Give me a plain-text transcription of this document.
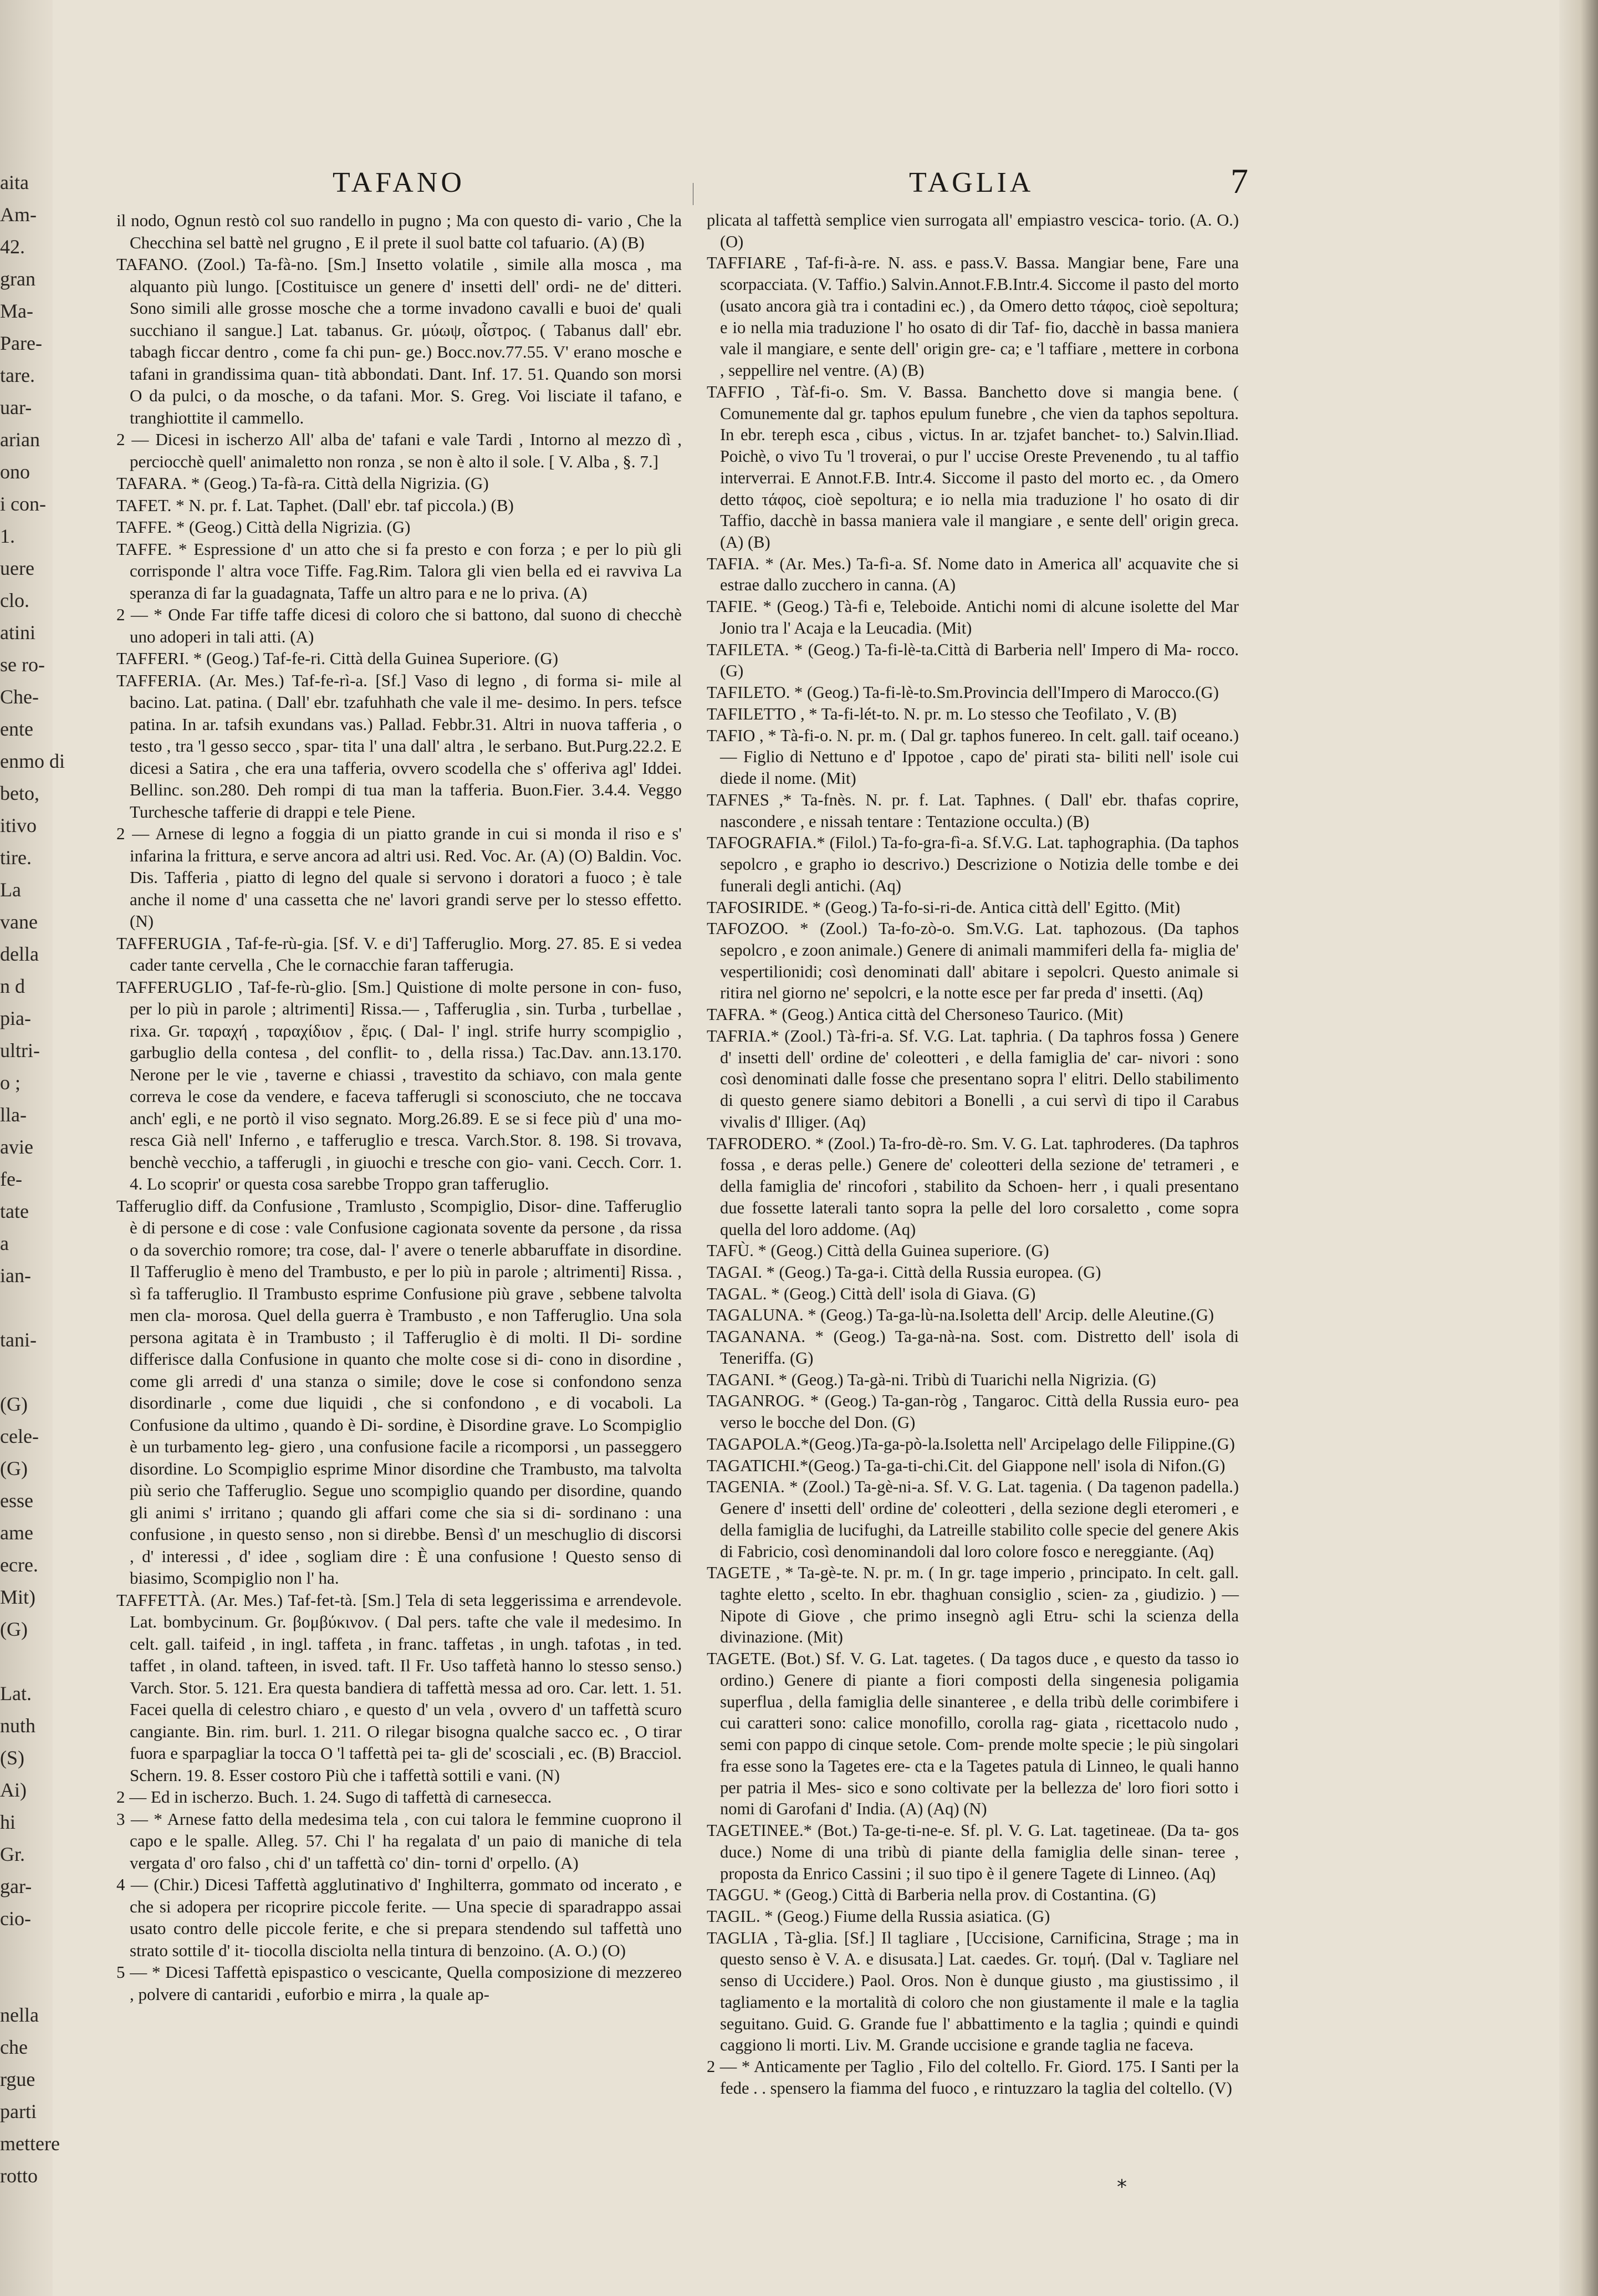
aita
Am-
42.
gran
Ma-
Pare-
tare.
uar-
arian
ono
i con-
1.
uere
clo.
atini
se ro-
Che-
ente
enmo di
beto,
itivo
tire.
La
vane
della
n d
pia-
ultri-
o ;
lla-
avie
fe-
tate
a
ian-
tani-
(G)
cele-
(G)
esse
ame
ecre.
Mit)
(G)
Lat.
nuth
(S)
Ai)
hi
Gr.
gar-
cio-
nella
che
rgue
parti
mettere
rotto
TAFANO	TAGLIA	7

il nodo, Ognun restò col suo randello in pugno ; Ma con questo di- vario , Che la Checchina sel battè nel grugno , E il prete il suol batte col tafuario. (A) (B)

TAFANO. (Zool.) Ta-fà-no. [Sm.] Insetto volatile , simile alla mosca , ma alquanto più lungo. [Costituisce un genere d' insetti dell' ordi- ne de' ditteri. Sono simili alle grosse mosche che a torme invadono cavalli e buoi de' quali succhiano il sangue.] Lat. tabanus. Gr. μύωψ, οἶστρος. ( Tabanus dall' ebr. tabagh ficcar dentro , come fa chi pun- ge.) Bocc.nov.77.55. V' erano mosche e tafani in grandissima quan- tità abbondati. Dant. Inf. 17. 51. Quando son morsi O da pulci, o da mosche, o da tafani. Mor. S. Greg. Voi lisciate il tafano, e tranghiottite il cammello.

2 — Dicesi in ischerzo All' alba de' tafani e vale Tardi , Intorno al mezzo dì , perciocchè quell' animaletto non ronza , se non è alto il sole. [ V. Alba , §. 7.]

TAFARA. * (Geog.) Ta-fà-ra. Città della Nigrizia. (G)

TAFET. * N. pr. f. Lat. Taphet. (Dall' ebr. taf piccola.) (B)

TAFFE. * (Geog.) Città della Nigrizia. (G)

TAFFE. * Espressione d' un atto che si fa presto e con forza ; e per lo più gli corrisponde l' altra voce Tiffe. Fag.Rim. Talora gli vien bella ed ei ravviva La speranza di far la guadagnata, Taffe un altro para e ne lo priva. (A)

2 — * Onde Far tiffe taffe dicesi di coloro che si battono, dal suono di checchè uno adoperi in tali atti. (A)

TAFFERI. * (Geog.) Taf-fe-ri. Città della Guinea Superiore. (G)

TAFFERIA. (Ar. Mes.) Taf-fe-rì-a. [Sf.] Vaso di legno , di forma si- mile al bacino. Lat. patina. ( Dall' ebr. tzafuhhath che vale il me- desimo. In pers. tefsce patina. In ar. tafsih exundans vas.) Pallad. Febbr.31. Altri in nuova tafferia , o testo , tra 'l gesso secco , spar- tita l' una dall' altra , le serbano. But.Purg.22.2. E dicesi a Satira , che era una tafferia, ovvero scodella che s' offeriva agl' Iddei. Bellinc. son.280. Deh rompi di tua man la tafferia. Buon.Fier. 3.4.4. Veggo Turchesche tafferie di drappi e tele Piene.

2 — Arnese di legno a foggia di un piatto grande in cui si monda il riso e s' infarina la frittura, e serve ancora ad altri usi. Red. Voc. Ar. (A) (O) Baldin. Voc. Dis. Tafferia , piatto di legno del quale si servono i doratori a fuoco ; è tale anche il nome d' una cassetta che ne' lavori grandi serve per lo stesso effetto. (N)

TAFFERUGIA , Taf-fe-rù-gia. [Sf. V. e di'] Tafferuglio. Morg. 27. 85. E si vedea cader tante cervella , Che le cornacchie faran tafferugia.

TAFFERUGLIO , Taf-fe-rù-glio. [Sm.] Quistione di molte persone in con- fuso, per lo più in parole ; altrimenti] Rissa.— , Tafferuglia , sin. Turba , turbellae , rixa. Gr. ταραχή , ταραχίδιον , ἔρις. ( Dal- l' ingl. strife hurry scompiglio , garbuglio della contesa , del conflit- to , della rissa.) Tac.Dav. ann.13.170. Nerone per le vie , taverne e chiassi , travestito da schiavo, con mala gente correva le cose da vendere, e faceva tafferugli si sconosciuto, che ne toccava anch' egli, e ne portò il viso segnato. Morg.26.89. E se si fece più d' una mo- resca Già nell' Inferno , e tafferuglio e tresca. Varch.Stor. 8. 198. Si trovava, benchè vecchio, a tafferugli , in giuochi e tresche con gio- vani. Cecch. Corr. 1. 4. Lo scoprir' or questa cosa sarebbe Troppo gran tafferuglio.

Tafferuglio diff. da Confusione , Tramlusto , Scompiglio, Disor- dine. Tafferuglio è di persone e di cose : vale Confusione cagionata sovente da persone , da rissa o da soverchio romore; tra cose, dal- l' avere o tenerle abbaruffate in disordine. Il Tafferuglio è meno del Trambusto, e per lo più in parole ; altrimenti] Rissa. , sì fa tafferuglio. Il Trambusto esprime Confusione più grave , sebbene talvolta men cla- morosa. Quel della guerra è Trambusto , e non Tafferuglio. Una sola persona agitata è in Trambusto ; il Tafferuglio è di molti. Il Di- sordine differisce dalla Confusione in quanto che molte cose si di- cono in disordine , come gli arredi d' una stanza o simile; dove le cose si confondono senza disordinarle , come due liquidi , che si confondono , e di vocaboli. La Confusione da ultimo , quando è Di- sordine, è Disordine grave. Lo Scompiglio è un turbamento leg- giero , una confusione facile a ricomporsi , un passeggero disordine. Lo Scompiglio esprime Minor disordine che Trambusto, ma talvolta più serio che Tafferuglio. Segue uno scompiglio quando per disordine, quando gli animi s' irritano ; quando gli affari come che sia si di- sordinano : una confusione , in questo senso , non si direbbe. Bensì d' un meschuglio di discorsi , d' interessi , d' idee , sogliam dire : È una confusione ! Questo senso di biasimo, Scompiglio non l' ha.

TAFFETTÀ. (Ar. Mes.) Taf-fet-tà. [Sm.] Tela di seta leggerissima e arrendevole. Lat. bombycinum. Gr. βομβύκινον. ( Dal pers. tafte che vale il medesimo. In celt. gall. taifeid , in ingl. taffeta , in franc. taffetas , in ungh. tafotas , in ted. taffet , in oland. tafteen, in isved. taft. Il Fr. Uso taffetà hanno lo stesso senso.) Varch. Stor. 5. 121. Era questa bandiera di taffettà messa ad oro. Car. lett. 1. 51. Facei quella di celestro chiaro , e questo d' un vela , ovvero d' un taffettà scuro cangiante. Bin. rim. burl. 1. 211. O rilegar bisogna qualche sacco ec. , O tirar fuora e sparpagliar la tocca O 'l taffettà pei ta- gli de' scosciali , ec. (B) Bracciol. Schern. 19. 8. Esser costoro Più che i taffettà sottili e vani. (N)

2 — Ed in ischerzo. Buch. 1. 24. Sugo di taffettà di carnesecca.

3 — * Arnese fatto della medesima tela , con cui talora le femmine cuoprono il capo e le spalle. Alleg. 57. Chi l' ha regalata d' un paio di maniche di tela vergata d' oro falso , chi d' un taffettà co' din- torni d' orpello. (A)

4 — (Chir.) Dicesi Taffettà agglutinativo d' Inghilterra, gommato od incerato , e che si adopera per ricoprire piccole ferite. — Una specie di sparadrappo assai usato contro delle piccole ferite, e che si prepara stendendo sul taffettà uno strato sottile d' it- tiocolla disciolta nella tintura di benzoino. (A. O.) (O)

5 — * Dicesi Taffettà epispastico o vescicante, Quella composizione di mezzereo , polvere di cantaridi , euforbio e mirra , la quale ap-

plicata al taffettà semplice vien surrogata all' empiastro vescica- torio. (A. O.) (O)

TAFFIARE , Taf-fi-à-re. N. ass. e pass.V. Bassa. Mangiar bene, Fare una scorpacciata. (V. Taffio.) Salvin.Annot.F.B.Intr.4. Siccome il pasto del morto (usato ancora già tra i contadini ec.) , da Omero detto τάφος, cioè sepoltura; e io nella mia traduzione l' ho osato di dir Taf- fio, dacchè in bassa maniera vale il mangiare, e sente dell' origin gre- ca; e 'l taffiare , mettere in corbona , seppellire nel ventre. (A) (B)

TAFFIO , Tàf-fi-o. Sm. V. Bassa. Banchetto dove si mangia bene. ( Comunemente dal gr. taphos epulum funebre , che vien da taphos sepoltura. In ebr. tereph esca , cibus , victus. In ar. tzjafet banchet- to.) Salvin.Iliad. Poichè, o vivo Tu 'l troverai, o pur l' uccise Oreste Prevenendo , tu al taffio interverrai. E Annot.F.B. Intr.4. Siccome il pasto del morto ec. , da Omero detto τάφος, cioè sepoltura; e io nella mia traduzione l' ho osato di dir Taffio, dacchè in bassa maniera vale il mangiare , e sente dell' origin greca. (A) (B)

TAFIA. * (Ar. Mes.) Ta-fì-a. Sf. Nome dato in America all' acquavite che si estrae dallo zucchero in canna. (A)

TAFIE. * (Geog.) Tà-fi e, Teleboide. Antichi nomi di alcune isolette del Mar Jonio tra l' Acaja e la Leucadia. (Mit)

TAFILETA. * (Geog.) Ta-fi-lè-ta.Città di Barberia nell' Impero di Ma- rocco. (G)

TAFILETO. * (Geog.) Ta-fi-lè-to.Sm.Provincia dell'Impero di Marocco.(G)

TAFILETTO , * Ta-fi-lét-to. N. pr. m. Lo stesso che Teofilato , V. (B)

TAFIO , * Tà-fi-o. N. pr. m. ( Dal gr. taphos funereo. In celt. gall. taif oceano.) — Figlio di Nettuno e d' Ippotoe , capo de' pirati sta- biliti nell' isole cui diede il nome. (Mit)

TAFNES ,* Ta-fnès. N. pr. f. Lat. Taphnes. ( Dall' ebr. thafas coprire, nascondere , e nissah tentare : Tentazione occulta.) (B)

TAFOGRAFIA.* (Filol.) Ta-fo-gra-fì-a. Sf.V.G. Lat. taphographia. (Da taphos sepolcro , e grapho io descrivo.) Descrizione o Notizia delle tombe e dei funerali degli antichi. (Aq)

TAFOSIRIDE. * (Geog.) Ta-fo-si-ri-de. Antica città dell' Egitto. (Mit)

TAFOZOO. * (Zool.) Ta-fo-zò-o. Sm.V.G. Lat. taphozous. (Da taphos sepolcro , e zoon animale.) Genere di animali mammiferi della fa- miglia de' vespertilionidi; così denominati dall' abitare i sepolcri. Questo animale si ritira nel giorno ne' sepolcri, e la notte esce per far preda d' insetti. (Aq)

TAFRA. * (Geog.) Antica città del Chersoneso Taurico. (Mit)

TAFRIA.* (Zool.) Tà-fri-a. Sf. V.G. Lat. taphria. ( Da taphros fossa ) Genere d' insetti dell' ordine de' coleotteri , e della famiglia de' car- nivori : sono così denominati dalle fosse che presentano sopra l' elitri. Dello stabilimento di questo genere siamo debitori a Bonelli , a cui servì di tipo il Carabus vivalis d' Illiger. (Aq)

TAFRODERO. * (Zool.) Ta-fro-dè-ro. Sm. V. G. Lat. taphroderes. (Da taphros fossa , e deras pelle.) Genere de' coleotteri della sezione de' tetrameri , e della famiglia de' rincofori , stabilito da Schoen- herr , i quali presentano due fossette laterali tanto sopra la pelle del loro corsaletto , come sopra quella del loro addome. (Aq)

TAFÙ. * (Geog.) Città della Guinea superiore. (G)

TAGAI. * (Geog.) Ta-ga-i. Città della Russia europea. (G)

TAGAL. * (Geog.) Città dell' isola di Giava. (G)

TAGALUNA. * (Geog.) Ta-ga-lù-na.Isoletta dell' Arcip. delle Aleutine.(G)

TAGANANA. * (Geog.) Ta-ga-nà-na. Sost. com. Distretto dell' isola di Teneriffa. (G)

TAGANI. * (Geog.) Ta-gà-ni. Tribù di Tuarichi nella Nigrizia. (G)

TAGANROG. * (Geog.) Ta-gan-ròg , Tangaroc. Città della Russia euro- pea verso le bocche del Don. (G)

TAGAPOLA.*(Geog.)Ta-ga-pò-la.Isoletta nell' Arcipelago delle Filippine.(G)

TAGATICHI.*(Geog.) Ta-ga-ti-chi.Cit. del Giappone nell' isola di Nifon.(G)

TAGENIA. * (Zool.) Ta-gè-ni-a. Sf. V. G. Lat. tagenia. ( Da tagenon padella.) Genere d' insetti dell' ordine de' coleotteri , della sezione degli eteromeri , e della famiglia de lucifughi, da Latreille stabilito colle specie del genere Akis di Fabricio, così denominandoli dal loro colore fosco e nereggiante. (Aq)

TAGETE , * Ta-gè-te. N. pr. m. ( In gr. tage imperio , principato. In celt. gall. taghte eletto , scelto. In ebr. thaghuan consiglio , scien- za , giudizio. ) — Nipote di Giove , che primo insegnò agli Etru- schi la scienza della divinazione. (Mit)

TAGETE. (Bot.) Sf. V. G. Lat. tagetes. ( Da tagos duce , e questo da tasso io ordino.) Genere di piante a fiori composti della singenesia poligamia superflua , della famiglia delle sinanteree , e della tribù delle corimbifere i cui caratteri sono: calice monofillo, corolla rag- giata , ricettacolo nudo , semi con pappo di cinque setole. Com- prende molte specie ; le più singolari fra esse sono la Tagetes ere- cta e la Tagetes patula di Linneo, le quali hanno per patria il Mes- sico e sono coltivate per la bellezza de' loro fiori sotto i nomi di Garofani d' India. (A) (Aq) (N)

TAGETINEE.* (Bot.) Ta-ge-ti-ne-e. Sf. pl. V. G. Lat. tagetineae. (Da ta- gos duce.) Nome di una tribù di piante della famiglia delle sinan- teree , proposta da Enrico Cassini ; il suo tipo è il genere Tagete di Linneo. (Aq)

TAGGU. * (Geog.) Città di Barberia nella prov. di Costantina. (G)

TAGIL. * (Geog.) Fiume della Russia asiatica. (G)

TAGLIA , Tà-glia. [Sf.] Il tagliare , [Uccisione, Carnificina, Strage ; ma in questo senso è V. A. e disusata.] Lat. caedes. Gr. τομή. (Dal v. Tagliare nel senso di Uccidere.) Paol. Oros. Non è dunque giusto , ma giustissimo , il tagliamento e la mortalità di coloro che non giustamente il male e la taglia seguitano. Guid. G. Grande fue l' abbattimento e la taglia ; quindi e quindi caggiono li morti. Liv. M. Grande uccisione e grande taglia ne faceva.

2 — * Anticamente per Taglio , Filo del coltello. Fr. Giord. 175. I Santi per la fede . . spensero la fiamma del fuoco , e rintuzzaro la taglia del coltello. (V)

*
